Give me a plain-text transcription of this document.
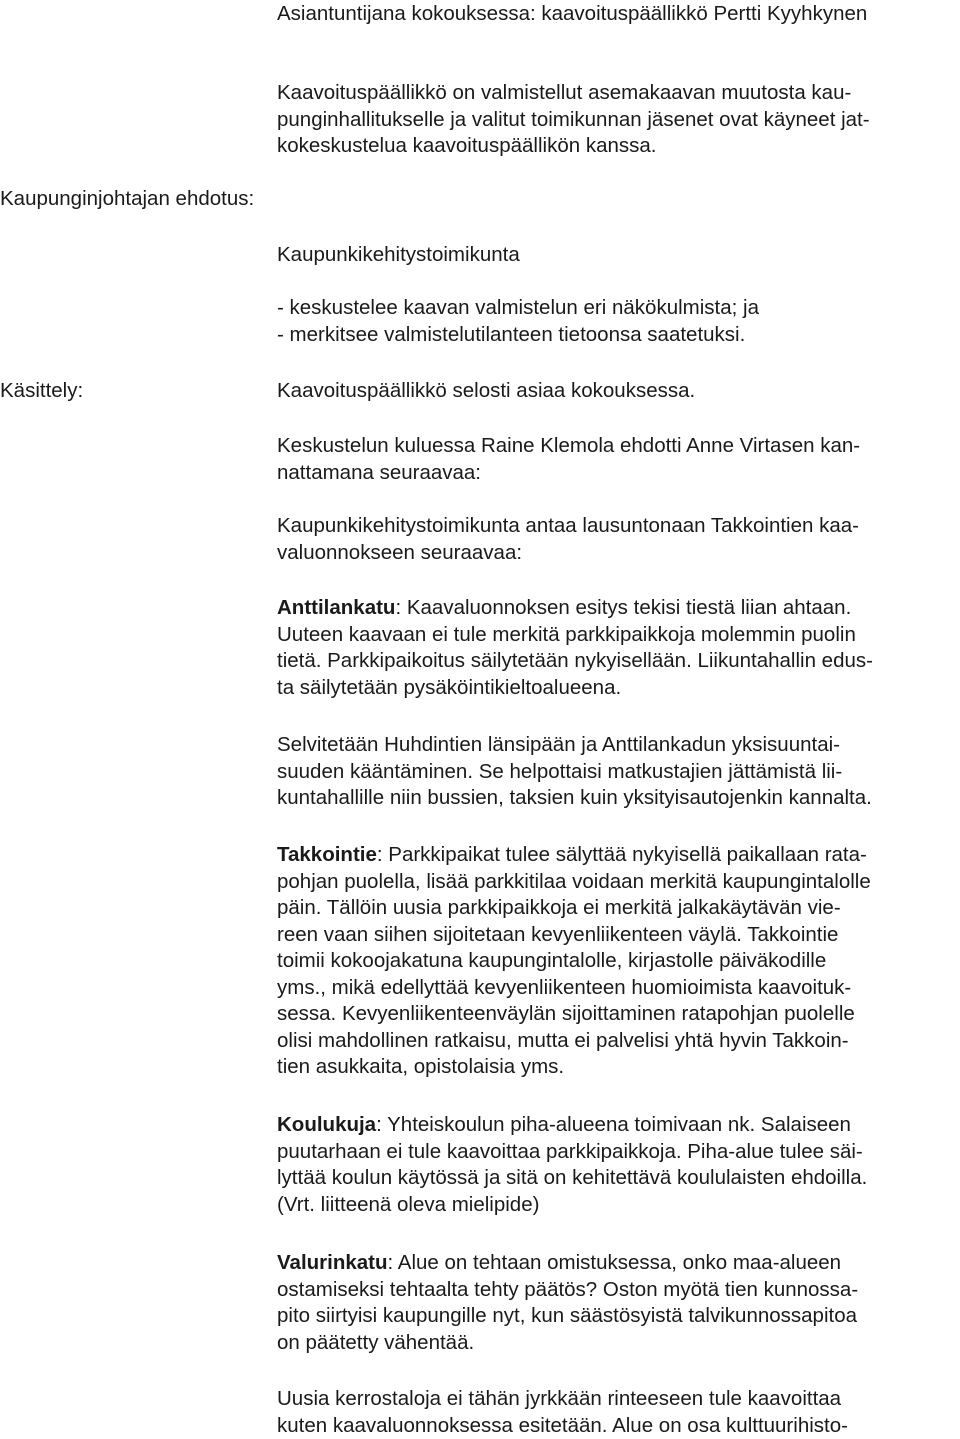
Kaupunginjohtajan ehdotus:
Käsittely:
Asiantuntijana kokouksessa: kaavoituspäällikkö Pertti Kyyhkynen
Kaavoituspäällikkö on valmistellut asemakaavan muutosta kau-
punginhallitukselle ja valitut toimikunnan jäsenet ovat käyneet jat-
kokeskustelua kaavoituspäällikön kanssa.
Kaupunkikehitystoimikunta
- keskustelee kaavan valmistelun eri näkökulmista; ja
- merkitsee valmistelutilanteen tietoonsa saatetuksi.
Kaavoituspäällikkö selosti asiaa kokouksessa.
Keskustelun kuluessa Raine Klemola ehdotti Anne Virtasen kan-
nattamana seuraavaa:
Kaupunkikehitystoimikunta antaa lausuntonaan Takkointien kaa-
valuonnokseen seuraavaa:
Anttilankatu: Kaavaluonnoksen esitys tekisi tiestä liian ahtaan.
Uuteen kaavaan ei tule merkitä parkkipaikkoja molemmin puolin
tietä. Parkkipaikoitus säilytetään nykyisellään. Liikuntahallin edus-
ta säilytetään pysäköintikieltoalueena.
Selvitetään Huhdintien länsipään ja Anttilankadun yksisuuntai-
suuden kääntäminen. Se helpottaisi matkustajien jättämistä lii-
kuntahallille niin bussien, taksien kuin yksityisautojenkin kannalta.
Takkointie: Parkkipaikat tulee sälyttää nykyisellä paikallaan rata-
pohjan puolella, lisää parkkitilaa voidaan merkitä kaupungintalolle
päin. Tällöin uusia parkkipaikkoja ei merkitä jalkakäytävän vie-
reen vaan siihen sijoitetaan kevyenliikenteen väylä. Takkointie
toimii kokoojakatuna kaupungintalolle, kirjastolle päiväkodille
yms., mikä edellyttää kevyenliikenteen huomioimista kaavoituk-
sessa. Kevyenliikenteenväylän sijoittaminen ratapohjan puolelle
olisi mahdollinen ratkaisu, mutta ei palvelisi yhtä hyvin Takkoin-
tien asukkaita, opistolaisia yms.
Koulukuja: Yhteiskoulun piha-alueena toimivaan nk. Salaiseen
puutarhaan ei tule kaavoittaa parkkipaikkoja. Piha-alue tulee säi-
lyttää koulun käytössä ja sitä on kehitettävä koululaisten ehdoilla.
(Vrt. liitteenä oleva mielipide)
Valurinkatu: Alue on tehtaan omistuksessa, onko maa-alueen
ostamiseksi tehtaalta tehty päätös? Oston myötä tien kunnossa-
pito siirtyisi kaupungille nyt, kun säästösyistä talvikunnossapitoa
on päätetty vähentää.
Uusia kerrostaloja ei tähän jyrkkään rinteeseen tule kaavoittaa
kuten kaavaluonnoksessa esitetään. Alue on osa kulttuurihisto-
